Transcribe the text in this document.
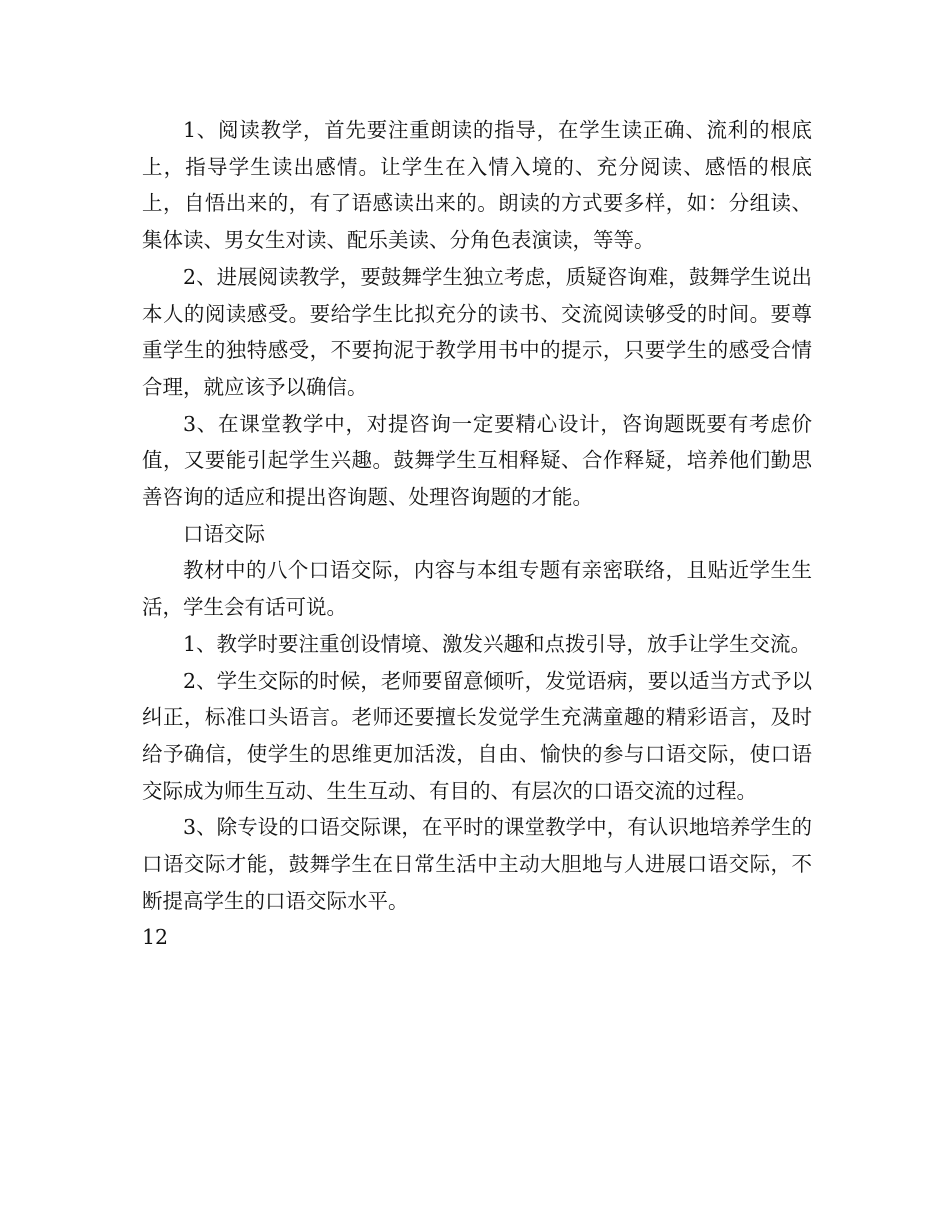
1、阅读教学，首先要注重朗读的指导，在学生读正确、流利的根底上，指导学生读出感情。让学生在入情入境的、充分阅读、感悟的根底上，自悟出来的，有了语感读出来的。朗读的方式要多样，如：分组读、集体读、男女生对读、配乐美读、分角色表演读，等等。

2、进展阅读教学，要鼓舞学生独立考虑，质疑咨询难，鼓舞学生说出本人的阅读感受。要给学生比拟充分的读书、交流阅读够受的时间。要尊重学生的独特感受，不要拘泥于教学用书中的提示，只要学生的感受合情合理，就应该予以确信。

3、在课堂教学中，对提咨询一定要精心设计，咨询题既要有考虑价值，又要能引起学生兴趣。鼓舞学生互相释疑、合作释疑，培养他们勤思善咨询的适应和提出咨询题、处理咨询题的才能。

口语交际

教材中的八个口语交际，内容与本组专题有亲密联络，且贴近学生生活，学生会有话可说。

1、教学时要注重创设情境、激发兴趣和点拨引导，放手让学生交流。

2、学生交际的时候，老师要留意倾听，发觉语病，要以适当方式予以纠正，标准口头语言。老师还要擅长发觉学生充满童趣的精彩语言，及时给予确信，使学生的思维更加活泼，自由、愉快的参与口语交际，使口语交际成为师生互动、生生互动、有目的、有层次的口语交流的过程。

3、除专设的口语交际课，在平时的课堂教学中，有认识地培养学生的口语交际才能，鼓舞学生在日常生活中主动大胆地与人进展口语交际，不断提高学生的口语交际水平。

12
